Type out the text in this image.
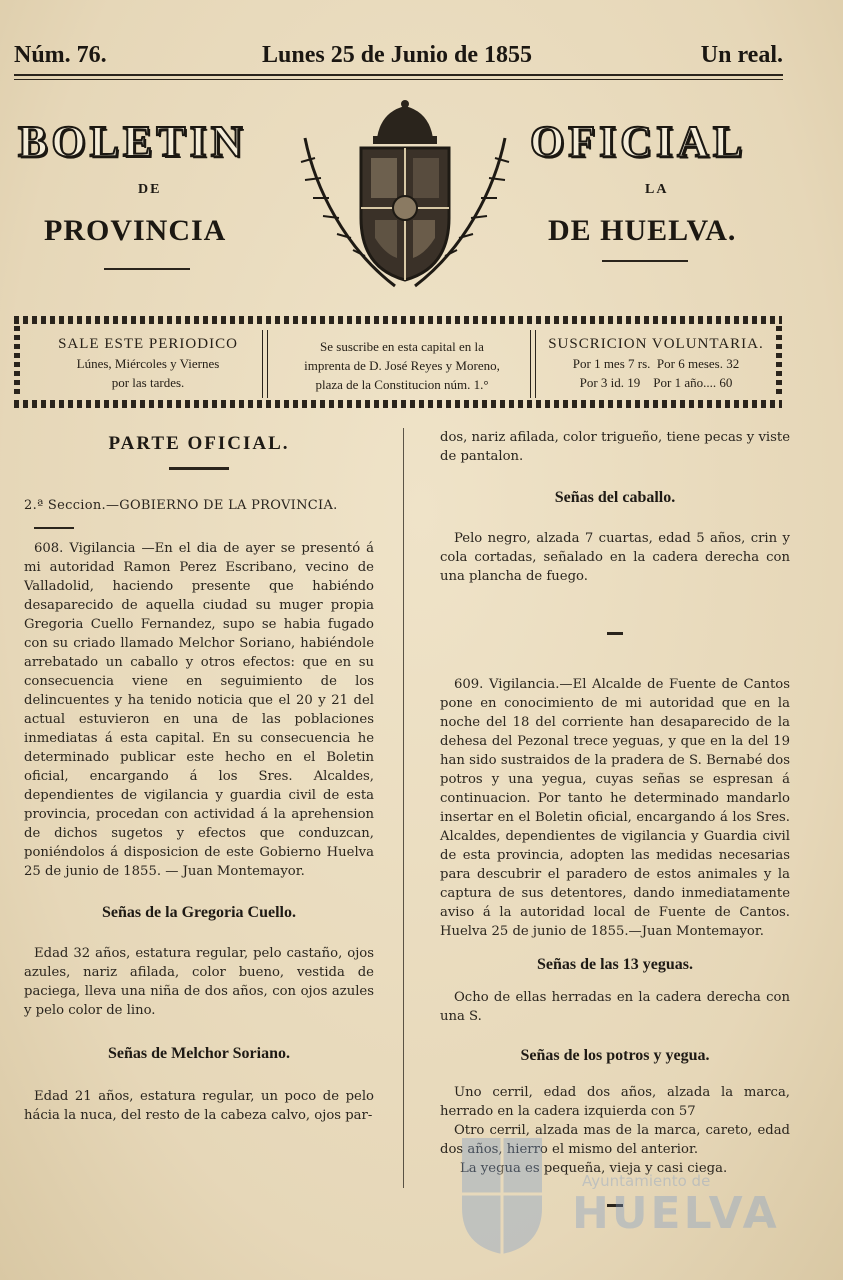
Núm. 76.	Lunes 25 de Junio de 1855	Un real.
BOLETIN	OFICIAL
DE	LA
PROVINCIA	DE HUELVA.
SALE ESTE PERIODICO
Lúnes, Miércoles y Viernes
por las tardes.
Se suscribe en esta capital en la
imprenta de D. José Reyes y Moreno,
plaza de la Constitucion núm. 1.°
SUSCRICION VOLUNTARIA.
Por 1 mes 7 rs.  Por 6 meses. 32
Por 3 id. 19    Por 1 año.... 60
PARTE OFICIAL.

2.ª Seccion.—GOBIERNO DE LA PROVINCIA.

608. Vigilancia —En el dia de ayer se presentó á mi autoridad Ramon Perez Escribano, vecino de Valladolid, haciendo presente que habiéndo desaparecido de aquella ciudad su muger propia Gregoria Cuello Fernandez, supo se habia fugado con su criado llamado Melchor Soriano, habiéndole arrebatado un caballo y otros efectos: que en su consecuencia viene en seguimiento de los delincuentes y ha tenido noticia que el 20 y 21 del actual estuvieron en una de las poblaciones inmediatas á esta capital. En su consecuencia he determinado publicar este hecho en el Boletin oficial, encargando á los Sres. Alcaldes, dependientes de vigilancia y guardia civil de esta provincia, procedan con actividad á la aprehension de dichos sugetos y efectos que conduzcan, poniéndolos á disposicion de este Gobierno Huelva 25 de junio de 1855. — Juan Montemayor.

Señas de la Gregoria Cuello.

Edad 32 años, estatura regular, pelo castaño, ojos azules, nariz afilada, color bueno, vestida de paciega, lleva una niña de dos años, con ojos azules y pelo color de lino.

Señas de Melchor Soriano.

Edad 21 años, estatura regular, un poco de pelo hácia la nuca, del resto de la cabeza calvo, ojos par-

dos, nariz afilada, color trigueño, tiene pecas y viste de pantalon.

Señas del caballo.

Pelo negro, alzada 7 cuartas, edad 5 años, crin y cola cortadas, señalado en la cadera derecha con una plancha de fuego.

609. Vigilancia.—El Alcalde de Fuente de Cantos pone en conocimiento de mi autoridad que en la noche del 18 del corriente han desaparecido de la dehesa del Pezonal trece yeguas, y que en la del 19 han sido sustraidos de la pradera de S. Bernabé dos potros y una yegua, cuyas señas se espresan á continuacion. Por tanto he determinado mandarlo insertar en el Boletin oficial, encargando á los Sres. Alcaldes, dependientes de vigilancia y Guardia civil de esta provincia, adopten las medidas necesarias para descubrir el paradero de estos animales y la captura de sus detentores, dando inmediatamente aviso á la autoridad local de Fuente de Cantos. Huelva 25 de junio de 1855.—Juan Montemayor.

Señas de las 13 yeguas.

Ocho de ellas herradas en la cadera derecha con una S.

Señas de los potros y yegua.

Uno cerril, edad dos años, alzada la marca, herrado en la cadera izquierda con 57

Otro cerril, alzada mas de la marca, careto, edad dos años, hierro el mismo del anterior.

La yegua es pequeña, vieja y casi ciega.

Ayuntamiento de
HUELVA
